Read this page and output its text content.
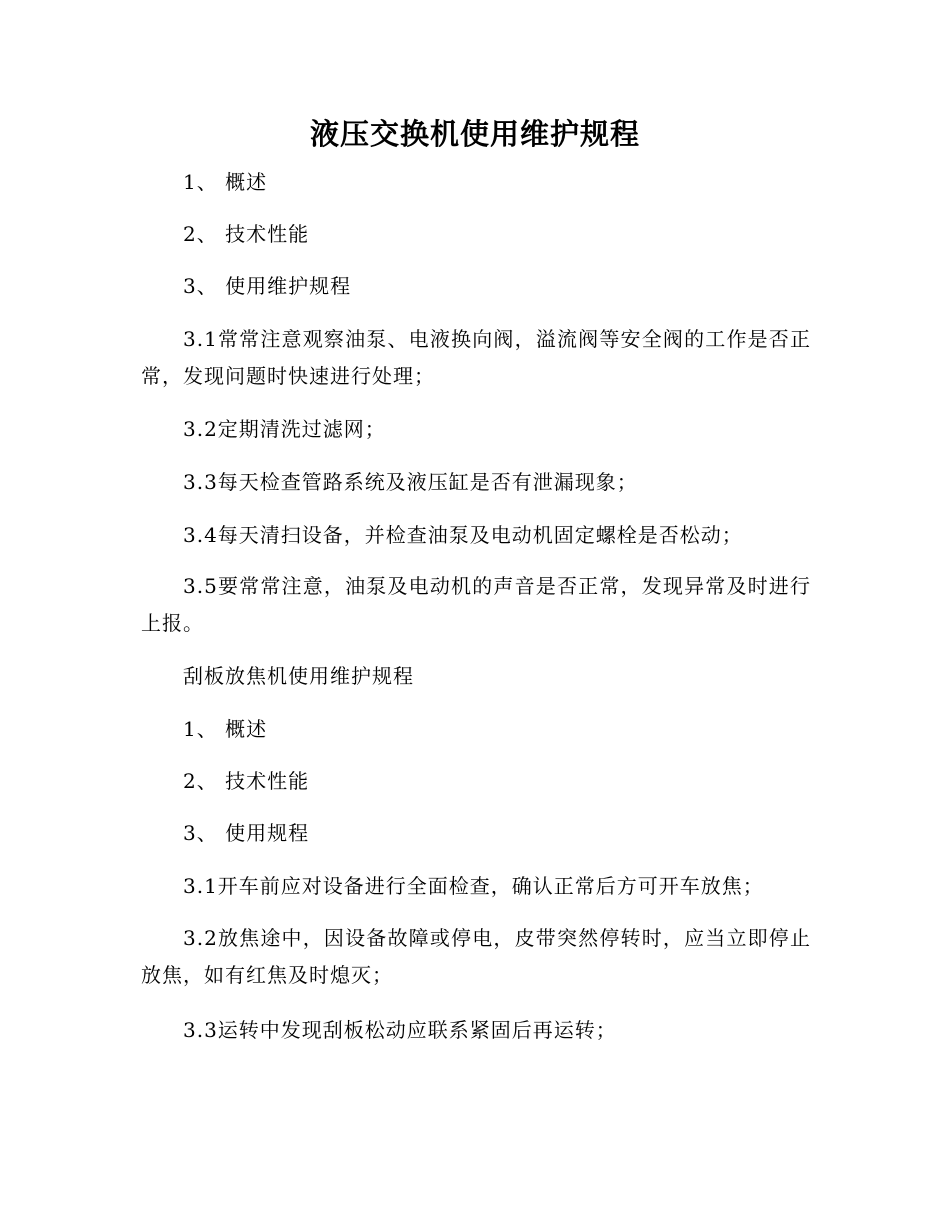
液压交换机使用维护规程

1、 概述

2、 技术性能

3、 使用维护规程

3.1常常注意观察油泵、电液换向阀，溢流阀等安全阀的工作是否正常，发现问题时快速进行处理；

3.2定期清洗过滤网；

3.3每天检查管路系统及液压缸是否有泄漏现象；

3.4每天清扫设备，并检查油泵及电动机固定螺栓是否松动；

3.5要常常注意，油泵及电动机的声音是否正常，发现异常及时进行上报。

刮板放焦机使用维护规程

1、 概述

2、 技术性能

3、 使用规程

3.1开车前应对设备进行全面检查，确认正常后方可开车放焦；

3.2放焦途中，因设备故障或停电，皮带突然停转时，应当立即停止放焦，如有红焦及时熄灭；

3.3运转中发现刮板松动应联系紧固后再运转；
